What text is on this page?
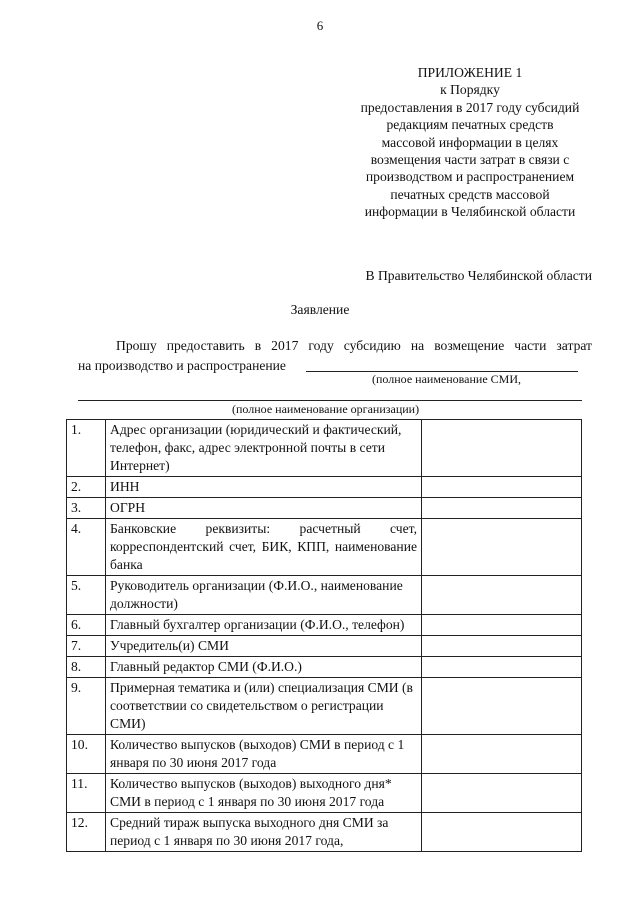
6
ПРИЛОЖЕНИЕ 1
к Порядку
предоставления в 2017 году субсидий
редакциям печатных средств
массовой информации в целях
возмещения части затрат в связи с
производством и распространением
печатных средств массовой
информации в Челябинской области
В Правительство Челябинской области
Заявление
Прошу предоставить в 2017 году субсидию на возмещение части затрат
на производство и распространение
(полное наименование СМИ,
(полное наименование организации)
1.	Адрес организации (юридический и фактический, телефон, факс, адрес электронной почты в сети Интернет)	
2.	ИНН	
3.	ОГРН	
4.	Банковские реквизиты: расчетный счет, корреспондентский счет, БИК, КПП, наименование банка	
5.	Руководитель организации (Ф.И.О., наименование должности)	
6.	Главный бухгалтер организации (Ф.И.О., телефон)	
7.	Учредитель(и) СМИ	
8.	Главный редактор СМИ (Ф.И.О.)	
9.	Примерная тематика и (или) специализация СМИ (в соответствии со свидетельством о регистрации СМИ)	
10.	Количество выпусков (выходов) СМИ в период с 1 января по 30 июня 2017 года	
11.	Количество выпусков (выходов) выходного дня* СМИ в период с 1 января по 30 июня 2017 года	
12.	Средний тираж выпуска выходного дня СМИ за период с 1 января по 30 июня 2017 года,	
